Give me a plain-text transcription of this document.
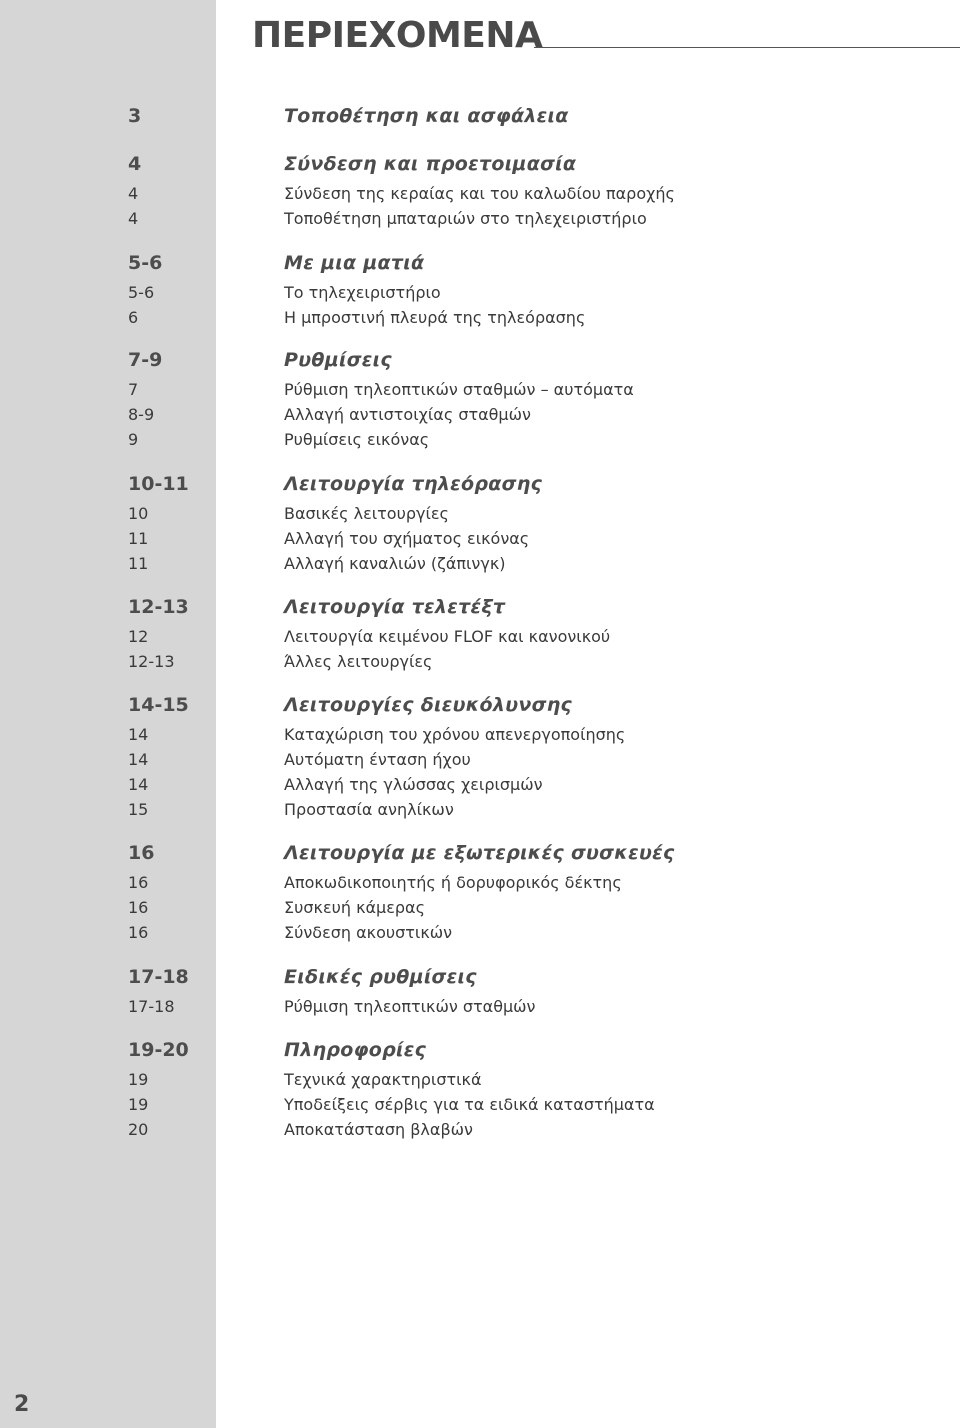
ΠΕΡΙΕΧΟΜΕΝΑ
3	Τοποθέτηση και ασφάλεια
4	Σύνδεση και προετοιμασία
4	Σύνδεση της κεραίας και του καλωδίου παροχής
4	Τοποθέτηση μπαταριών στο τηλεχειριστήριο
5-6	Με μια ματιά
5-6	Το τηλεχειριστήριο
6	Η μπροστινή πλευρά της τηλεόρασης
7-9	Ρυθμίσεις
7	Ρύθμιση τηλεοπτικών σταθμών – αυτόματα
8-9	Αλλαγή αντιστοιχίας σταθμών
9	Ρυθμίσεις εικόνας
10-11	Λειτουργία τηλεόρασης
10	Βασικές λειτουργίες
11	Αλλαγή του σχήματος εικόνας
11	Αλλαγή καναλιών (ζάπινγκ)
12-13	Λειτουργία τελετέξτ
12	Λειτουργία κειμένου FLOF και κανονικού
12-13	Άλλες λειτουργίες
14-15	Λειτουργίες διευκόλυνσης
14	Καταχώριση του χρόνου απενεργοποίησης
14	Αυτόματη ένταση ήχου
14	Αλλαγή της γλώσσας χειρισμών
15	Προστασία ανηλίκων
16	Λειτουργία με εξωτερικές συσκευές
16	Αποκωδικοποιητής ή δορυφορικός δέκτης
16	Συσκευή κάμερας
16	Σύνδεση ακουστικών
17-18	Ειδικές ρυθμίσεις
17-18	Ρύθμιση τηλεοπτικών σταθμών
19-20	Πληροφορίες
19	Τεχνικά χαρακτηριστικά
19	Υποδείξεις σέρβις για τα ειδικά καταστήματα
20	Αποκατάσταση βλαβών
2
